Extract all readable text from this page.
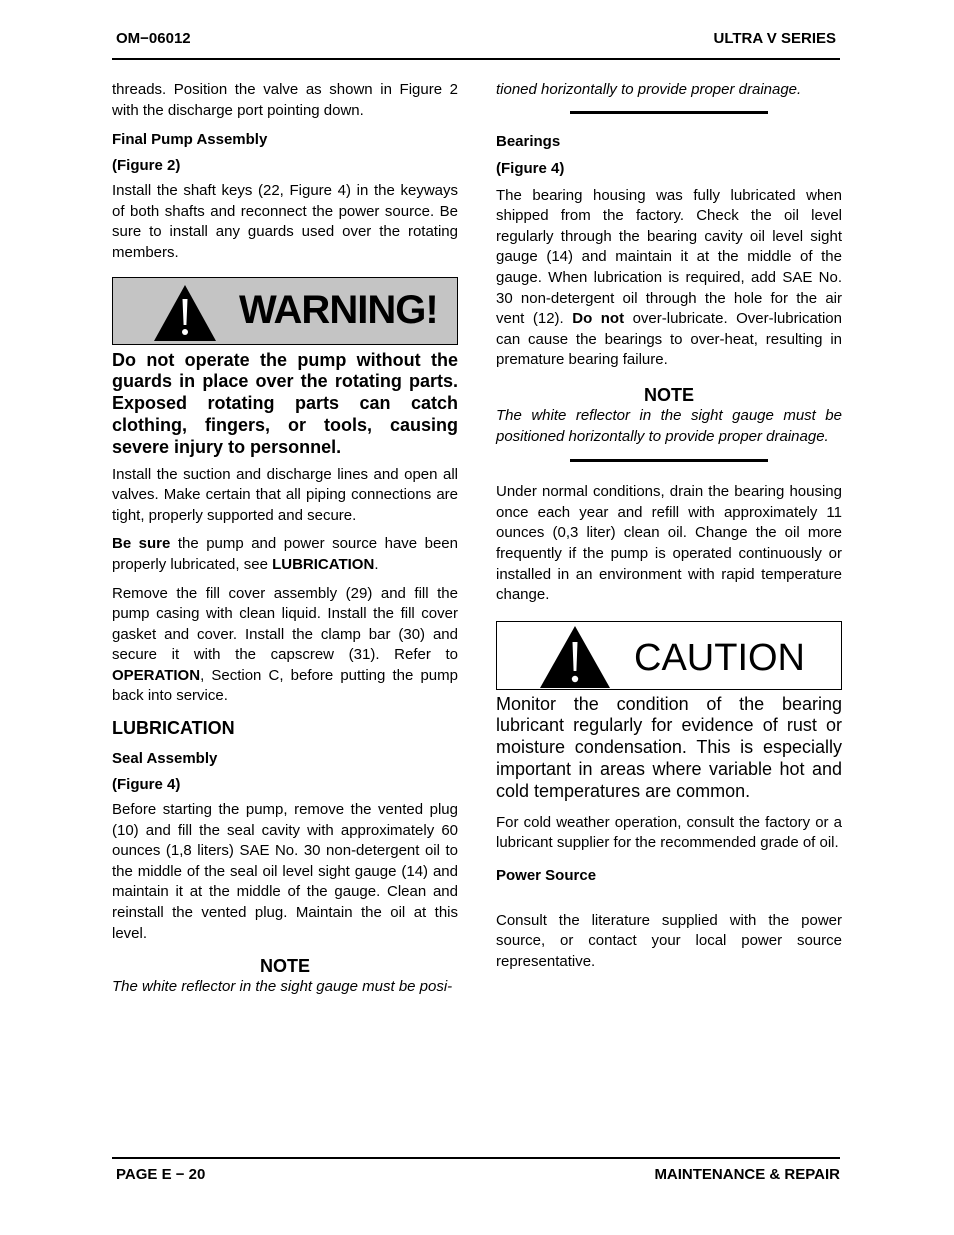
OM−06012	ULTRA V SERIES

threads. Position the valve as shown in Figure 2 with the discharge port pointing down.

Final Pump Assembly
(Figure 2)

Install the shaft keys (22, Figure 4) in the keyways of both shafts and reconnect the power source. Be sure to install any guards used over the rotating members.

WARNING!

Do not operate the pump without the guards in place over the rotating parts. Exposed rotating parts can catch clothing, fingers, or tools, causing severe injury to personnel.

Install the suction and discharge lines and open all valves. Make certain that all piping connections are tight, properly supported and secure.

Be sure the pump and power source have been properly lubricated, see LUBRICATION.

Remove the fill cover assembly (29) and fill the pump casing with clean liquid. Install the fill cover gasket and cover. Install the clamp bar (30) and secure it with the capscrew (31). Refer to OPERATION, Section C, before putting the pump back into service.

LUBRICATION
Seal Assembly
(Figure 4)

Before starting the pump, remove the vented plug (10) and fill the seal cavity with approximately 60 ounces (1,8 liters) SAE No. 30 non-detergent oil to the middle of the seal oil level sight gauge (14) and maintain it at the middle of the gauge. Clean and reinstall the vented plug. Maintain the oil at this level.

NOTE

The white reflector in the sight gauge must be posi-

tioned horizontally to provide proper drainage.

Bearings
(Figure 4)

The bearing housing was fully lubricated when shipped from the factory. Check the oil level regularly through the bearing cavity oil level sight gauge (14) and maintain it at the middle of the gauge. When lubrication is required, add SAE No. 30 non-detergent oil through the hole for the air vent (12). Do not over-lubricate. Over-lubrication can cause the bearings to over-heat, resulting in premature bearing failure.

NOTE

The white reflector in the sight gauge must be positioned horizontally to provide proper drainage.

Under normal conditions, drain the bearing housing once each year and refill with approximately 11 ounces (0,3 liter) clean oil. Change the oil more frequently if the pump is operated continuously or installed in an environment with rapid temperature change.

CAUTION

Monitor the condition of the bearing lubricant regularly for evidence of rust or moisture condensation. This is especially important in areas where variable hot and cold temperatures are common.

For cold weather operation, consult the factory or a lubricant supplier for the recommended grade of oil.

Power Source

Consult the literature supplied with the power source, or contact your local power source representative.

PAGE E − 20	MAINTENANCE & REPAIR
